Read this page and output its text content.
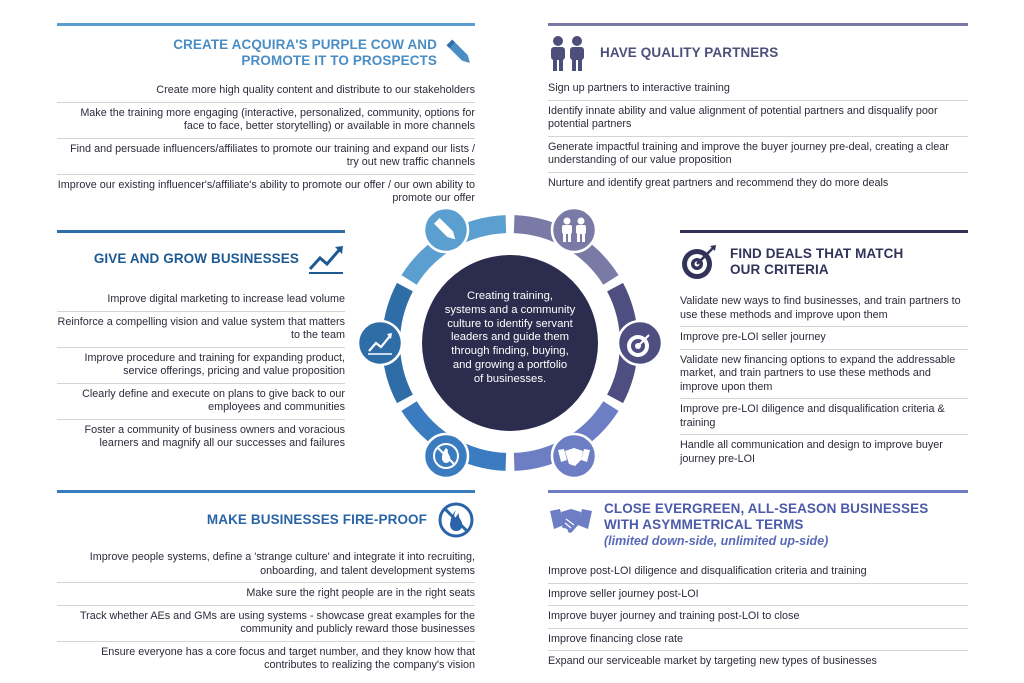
CREATE ACQUIRA'S PURPLE COW AND
PROMOTE IT TO PROSPECTS
Create more high quality content and distribute to our stakeholders
Make the training more engaging (interactive, personalized, community, options for face to face, better storytelling) or available in more channels
Find and persuade influencers/affiliates to promote our training and expand our lists / try out new traffic channels
Improve our existing influencer's/affiliate's ability to promote our offer / our own ability to promote our offer
HAVE QUALITY PARTNERS
Sign up partners to interactive training
Identify innate ability and value alignment of potential partners and disqualify poor potential partners
Generate impactful training and improve the buyer journey pre-deal, creating a clear understanding of our value proposition
Nurture and identify great partners and recommend they do more deals
GIVE AND GROW BUSINESSES
Improve digital marketing to increase lead volume
Reinforce a compelling vision and value system that matters to the team
Improve procedure and training for expanding product, service offerings, pricing and value proposition
Clearly define and execute on plans to give back to our employees and communities
Foster a community of business owners and voracious learners and magnify all our successes and failures
FIND DEALS THAT MATCH
OUR CRITERIA
Validate new ways to find businesses, and train partners to use these methods and improve upon them
Improve pre-LOI seller journey
Validate new financing options to expand the addressable market, and train partners to use these methods and improve upon them
Improve pre-LOI diligence and disqualification criteria & training
Handle all communication and design to improve buyer journey pre-LOI
MAKE BUSINESSES FIRE-PROOF
Improve people systems, define a 'strange culture' and integrate it into recruiting, onboarding, and talent development systems
Make sure the right people are in the right seats
Track whether AEs and GMs are using systems - showcase great examples for the community and publicly reward those businesses
Ensure everyone has a core focus and target number, and they know how that contributes to realizing the company's vision
CLOSE EVERGREEN, ALL-SEASON BUSINESSES
WITH ASYMMETRICAL TERMS
(limited down-side, unlimited up-side)
Improve post-LOI diligence and disqualification criteria and training
Improve seller journey post-LOI
Improve buyer journey and training post-LOI to close
Improve financing close rate
Expand our serviceable market by targeting new types of businesses
Creating training,
systems and a community
culture to identify servant
leaders and guide them
through finding, buying,
and growing a portfolio
of businesses.
